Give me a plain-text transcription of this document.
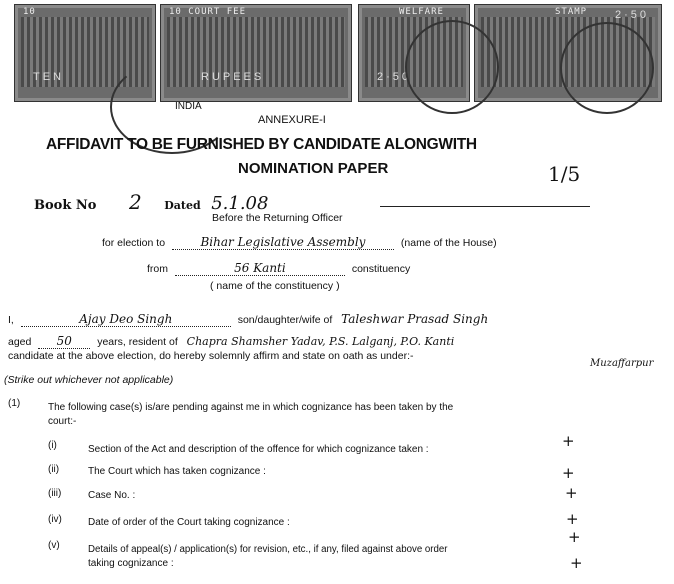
10
TEN
10 COURT FEE
RUPEES
WELFARE
2·50
STAMP	2·50
INDIA
ANNEXURE-I
AFFIDAVIT TO BE FURNISHED BY CANDIDATE ALONGWITH
NOMINATION PAPER	1/5
Book No 2 Dated 5.1.08
Before the Returning Officer
for election to	Bihar Legislative Assembly	(name of the House)
from	56 Kanti	constituency
( name of the constituency )
I,	Ajay Deo Singh	son/daughter/wife of Taleshwar Prasad Singh
aged 50 years, resident of Chapra Shamsher Yadav, P.S. Lalganj, P.O. Kanti
candidate at the above election, do hereby solemnly affirm and state on oath as under:-
Muzaffarpur
(Strike out whichever not applicable)
(1)	The following case(s) is/are pending against me in which cognizance has been taken by the
court:-
(i)	Section of the Act and description of the offence for which cognizance taken :	+
(ii)	The Court which has taken cognizance :	+
(iii)	Case No. :	+
(iv)	Date of order of the Court taking cognizance :	+
(v)	Details of appeal(s) / application(s) for revision, etc., if any, filed against above order
taking cognizance :
+
+
